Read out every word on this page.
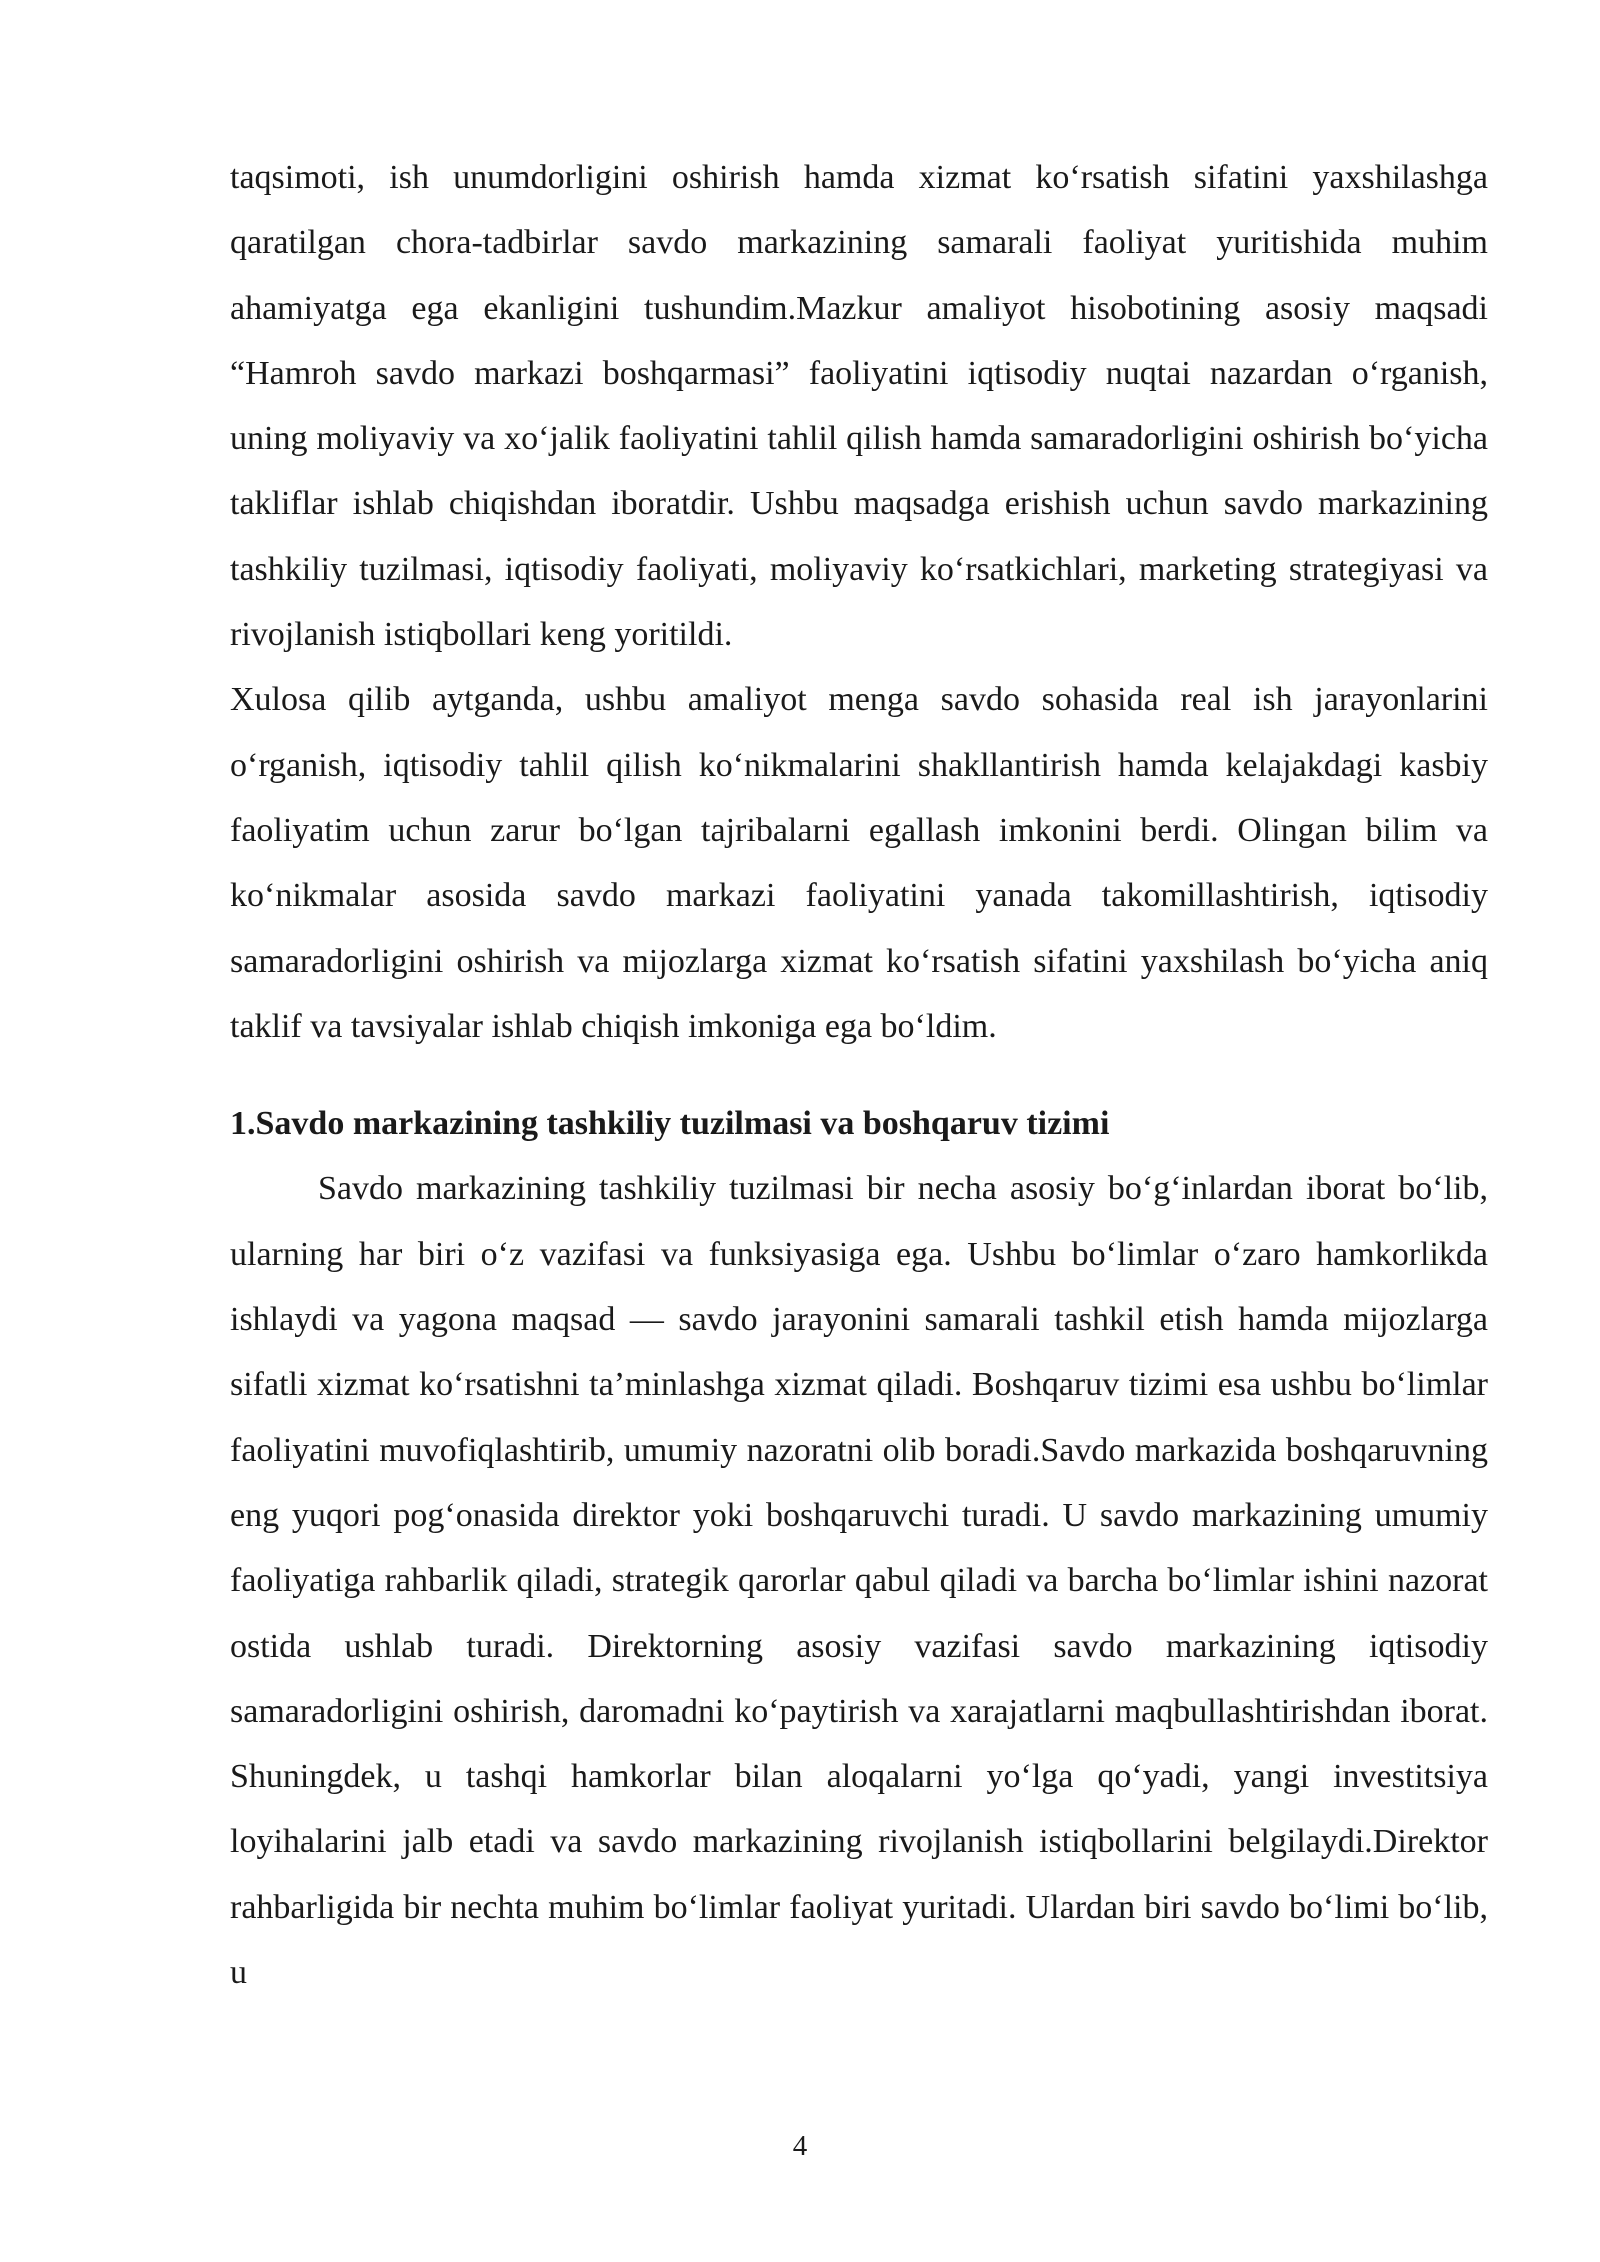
taqsimoti, ish unumdorligini oshirish hamda xizmat ko‘rsatish sifatini yaxshilashga qaratilgan chora-tadbirlar savdo markazining samarali faoliyat yuritishida muhim ahamiyatga ega ekanligini tushundim.Mazkur amaliyot hisobotining asosiy maqsadi “Hamroh savdo markazi boshqarmasi” faoliyatini iqtisodiy nuqtai nazardan o‘rganish, uning moliyaviy va xo‘jalik faoliyatini tahlil qilish hamda samaradorligini oshirish bo‘yicha takliflar ishlab chiqishdan iboratdir. Ushbu maqsadga erishish uchun savdo markazining tashkiliy tuzilmasi, iqtisodiy faoliyati, moliyaviy ko‘rsatkichlari, marketing strategiyasi va rivojlanish istiqbollari keng yoritildi.

Xulosa qilib aytganda, ushbu amaliyot menga savdo sohasida real ish jarayonlarini o‘rganish, iqtisodiy tahlil qilish ko‘nikmalarini shakllantirish hamda kelajakdagi kasbiy faoliyatim uchun zarur bo‘lgan tajribalarni egallash imkonini berdi. Olingan bilim va ko‘nikmalar asosida savdo markazi faoliyatini yanada takomillashtirish, iqtisodiy samaradorligini oshirish va mijozlarga xizmat ko‘rsatish sifatini yaxshilash bo‘yicha aniq taklif va tavsiyalar ishlab chiqish imkoniga ega bo‘ldim.

1.Savdo markazining tashkiliy tuzilmasi va boshqaruv tizimi

Savdo markazining tashkiliy tuzilmasi bir necha asosiy bo‘g‘inlardan iborat bo‘lib, ularning har biri o‘z vazifasi va funksiyasiga ega. Ushbu bo‘limlar o‘zaro hamkorlikda ishlaydi va yagona maqsad — savdo jarayonini samarali tashkil etish hamda mijozlarga sifatli xizmat ko‘rsatishni ta’minlashga xizmat qiladi. Boshqaruv tizimi esa ushbu bo‘limlar faoliyatini muvofiqlashtirib, umumiy nazoratni olib boradi.Savdo markazida boshqaruvning eng yuqori pog‘onasida direktor yoki boshqaruvchi turadi. U savdo markazining umumiy faoliyatiga rahbarlik qiladi, strategik qarorlar qabul qiladi va barcha bo‘limlar ishini nazorat ostida ushlab turadi. Direktorning asosiy vazifasi savdo markazining iqtisodiy samaradorligini oshirish, daromadni ko‘paytirish va xarajatlarni maqbullashtirishdan iborat. Shuningdek, u tashqi hamkorlar bilan aloqalarni yo‘lga qo‘yadi, yangi investitsiya loyihalarini jalb etadi va savdo markazining rivojlanish istiqbollarini belgilaydi.Direktor rahbarligida bir nechta muhim bo‘limlar faoliyat yuritadi. Ulardan biri savdo bo‘limi bo‘lib, u

4
